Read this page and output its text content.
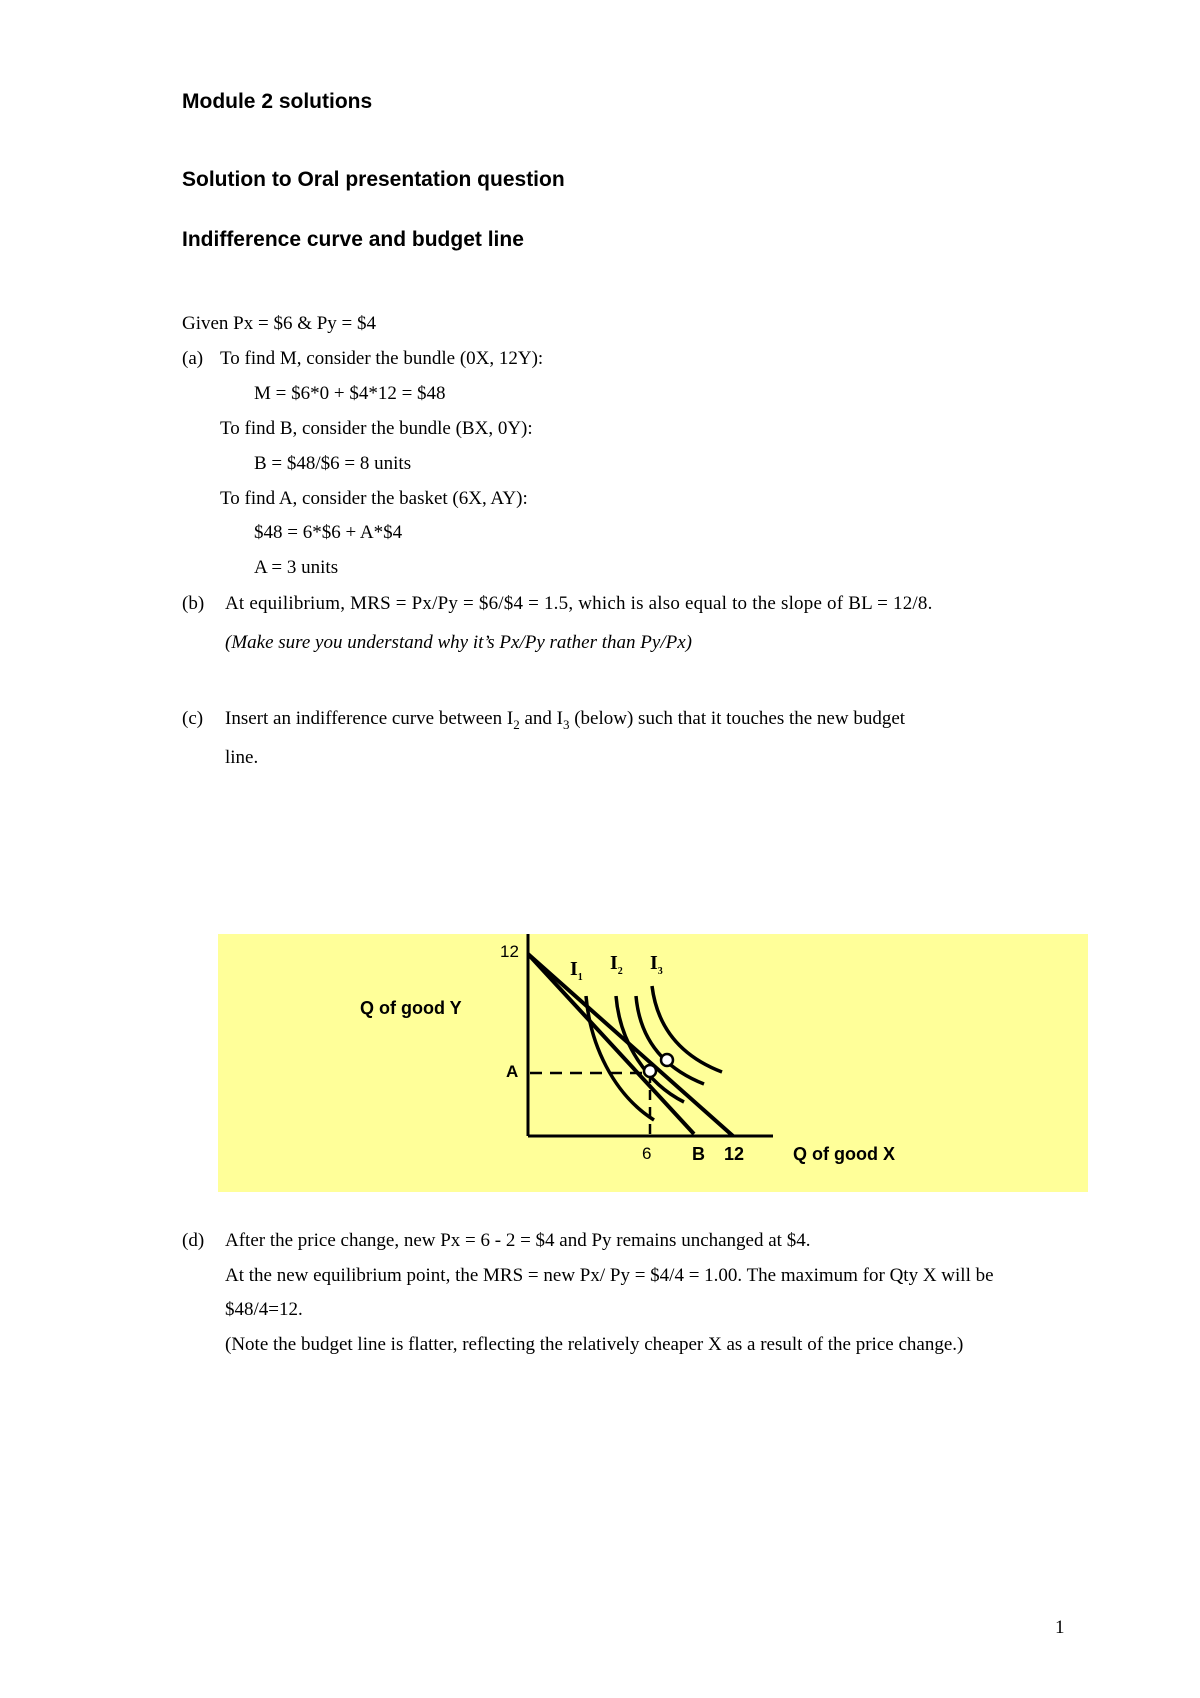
Module 2 solutions
Solution to Oral presentation question
Indifference curve and budget line
Given Px = $6 & Py = $4
(a) To find M, consider the bundle (0X, 12Y):
M = $6*0 + $4*12 = $48
To find B, consider the bundle (BX, 0Y):
B = $48/$6 = 8 units
To find A, consider the basket (6X, AY):
$48 = 6*$6 + A*$4
A = 3 units
(b) At equilibrium, MRS = Px/Py = $6/$4 = 1.5, which is also equal to the slope of BL = 12/8.
(Make sure you understand why it’s Px/Py rather than Py/Px)
(c) Insert an indifference curve between $I_2$ and $I_3$ (below) such that it touches the new budget
line.
12
Q of good Y
A
6 B 12	Q of good X
$I_1$
$I_2$ $I_3$
(d) After the price change, new Px = 6 - 2 = $4 and Py remains unchanged at $4.
At the new equilibrium point, the MRS = new Px/ Py = $4/4 = 1.00. The maximum for Qty X will be
$48/4=12.
(Note the budget line is flatter, reflecting the relatively cheaper X as a result of the price change.)
1
